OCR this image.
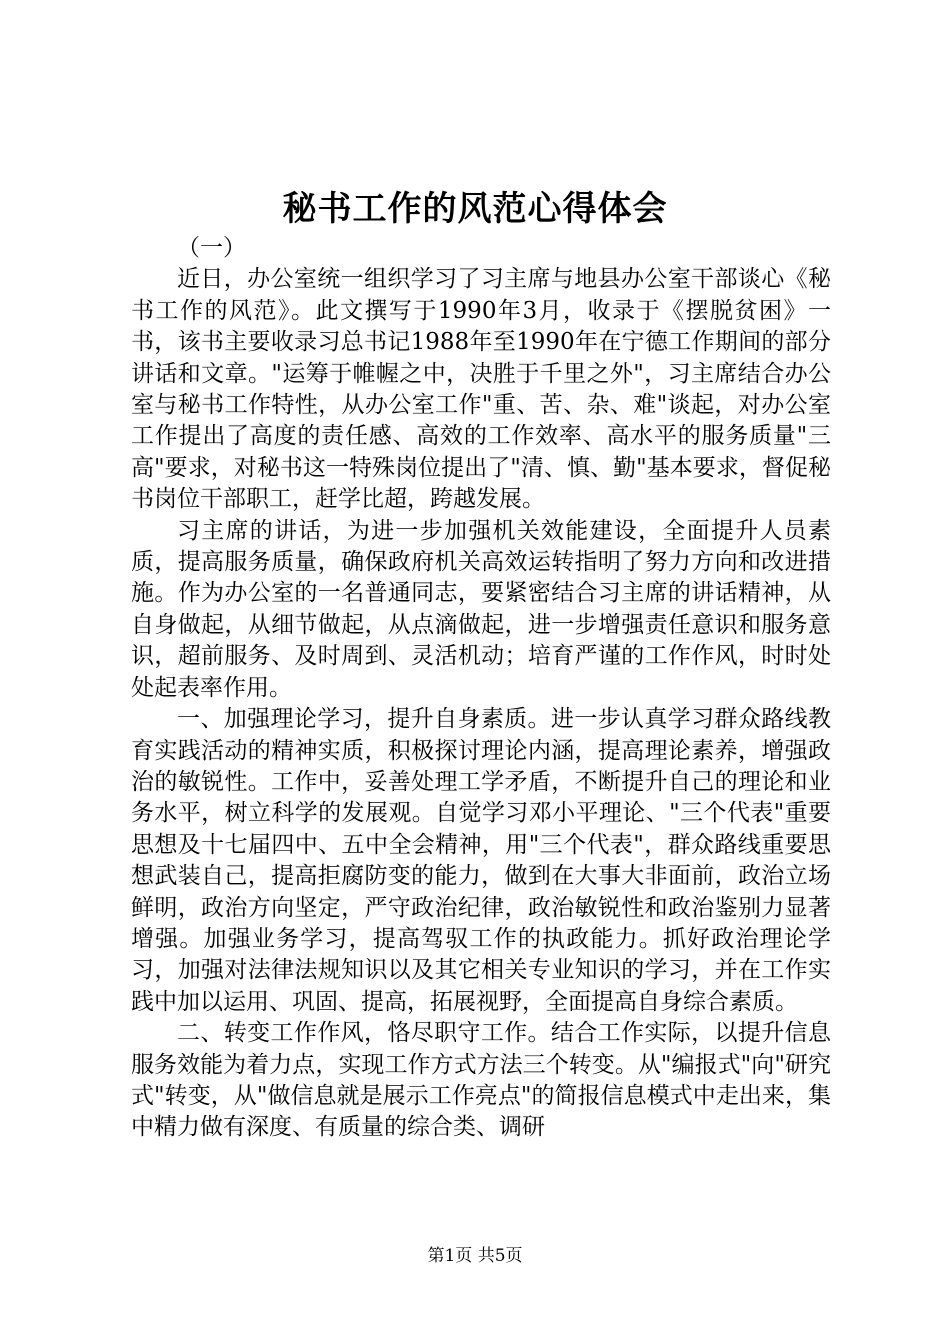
秘书工作的风范心得体会

（一）

近日，办公室统一组织学习了习主席与地县办公室干部谈心《秘书工作的风范》。此文撰写于1990年3月，收录于《摆脱贫困》一书，该书主要收录习总书记1988年至1990年在宁德工作期间的部分讲话和文章。"运筹于帷幄之中，决胜于千里之外"，习主席结合办公室与秘书工作特性，从办公室工作"重、苦、杂、难"谈起，对办公室工作提出了高度的责任感、高效的工作效率、高水平的服务质量"三高"要求，对秘书这一特殊岗位提出了"清、慎、勤"基本要求，督促秘书岗位干部职工，赶学比超，跨越发展。

习主席的讲话，为进一步加强机关效能建设，全面提升人员素质，提高服务质量，确保政府机关高效运转指明了努力方向和改进措施。作为办公室的一名普通同志，要紧密结合习主席的讲话精神，从自身做起，从细节做起，从点滴做起，进一步增强责任意识和服务意识，超前服务、及时周到、灵活机动；培育严谨的工作作风，时时处处起表率作用。

一、加强理论学习，提升自身素质。进一步认真学习群众路线教育实践活动的精神实质，积极探讨理论内涵，提高理论素养，增强政治的敏锐性。工作中，妥善处理工学矛盾，不断提升自己的理论和业务水平，树立科学的发展观。自觉学习邓小平理论、"三个代表"重要思想及十七届四中、五中全会精神，用"三个代表"，群众路线重要思想武装自己，提高拒腐防变的能力，做到在大事大非面前，政治立场鲜明，政治方向坚定，严守政治纪律，政治敏锐性和政治鉴别力显著增强。加强业务学习，提高驾驭工作的执政能力。抓好政治理论学习，加强对法律法规知识以及其它相关专业知识的学习，并在工作实践中加以运用、巩固、提高，拓展视野，全面提高自身综合素质。

二、转变工作作风，恪尽职守工作。结合工作实际，以提升信息服务效能为着力点，实现工作方式方法三个转变。从"编报式"向"研究式"转变，从"做信息就是展示工作亮点"的简报信息模式中走出来，集中精力做有深度、有质量的综合类、调研

第1页 共5页
